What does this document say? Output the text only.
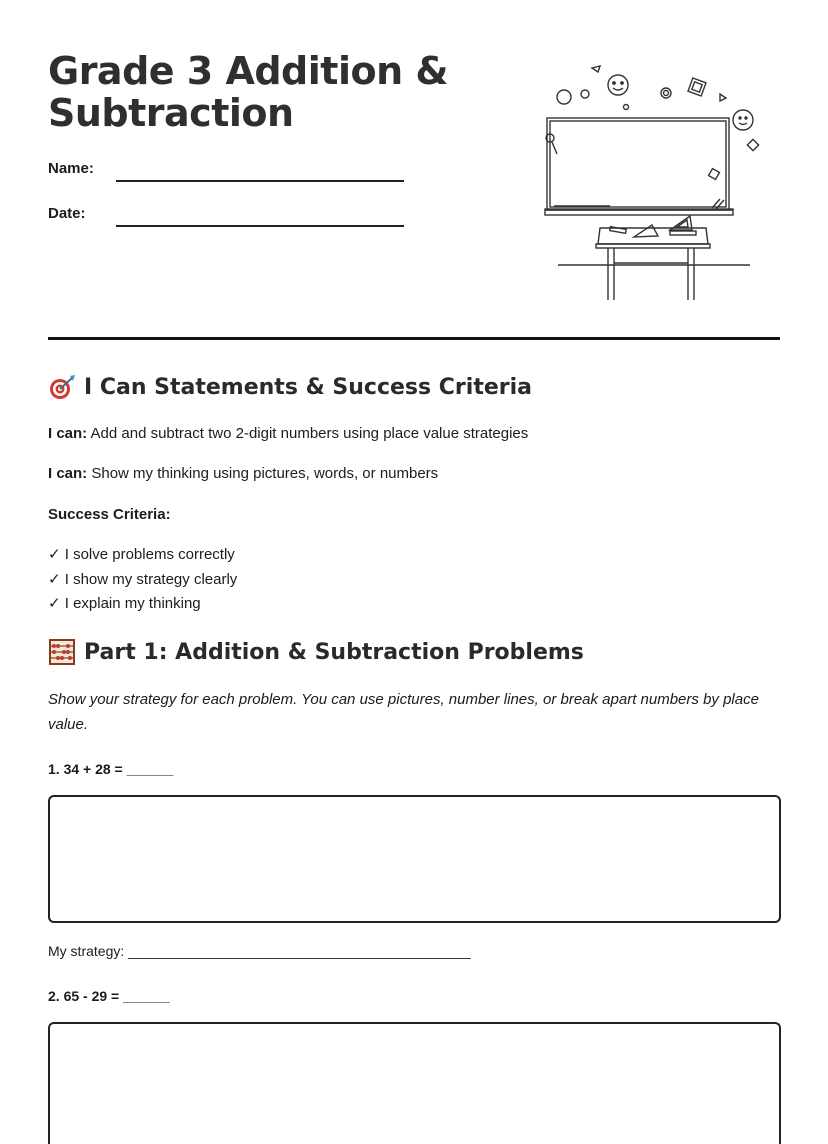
Grade 3 Addition & Subtraction
Name:
Date:
I Can Statements & Success Criteria
I can: Add and subtract two 2-digit numbers using place value strategies
I can: Show my thinking using pictures, words, or numbers
Success Criteria:
✓ I solve problems correctly
✓ I show my strategy clearly
✓ I explain my thinking
Part 1: Addition & Subtraction Problems
Show your strategy for each problem. You can use pictures, number lines, or break apart numbers by place value.
1. 34 + 28 = ______
My strategy: ____________________________________________
2. 65 - 29 = ______
